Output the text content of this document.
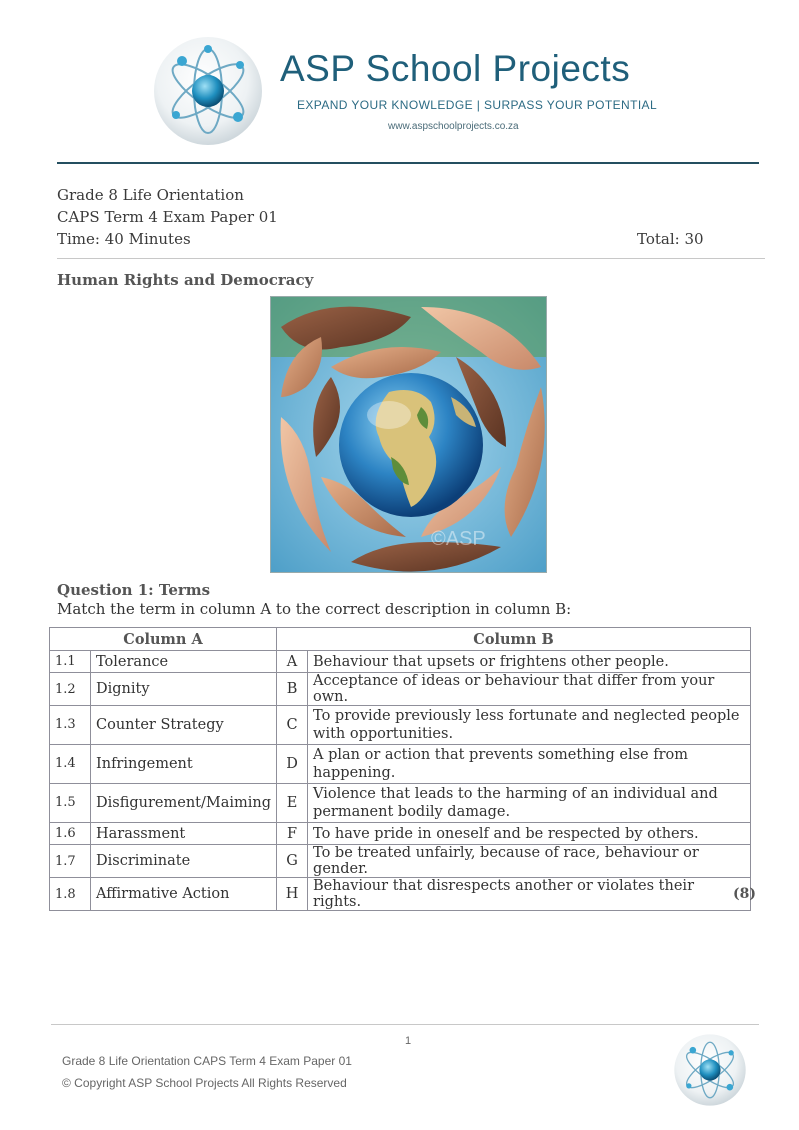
ASP School Projects
EXPAND YOUR KNOWLEDGE | SURPASS YOUR POTENTIAL
www.aspschoolprojects.co.za
Grade 8 Life Orientation
CAPS Term 4 Exam Paper 01
Time: 40 Minutes	Total: 30
Human Rights and Democracy
©ASP
Question 1: Terms
Match the term in column A to the correct description in column B:
Column A		Column B	
1.1	Tolerance	A	Behaviour that upsets or frightens other people.
1.2	Dignity	B	Acceptance of ideas or behaviour that differ from your own.
1.3	Counter Strategy	C	To provide previously less fortunate and neglected people with opportunities.
1.4	Infringement	D	A plan or action that prevents something else from happening.
1.5	Disfigurement/Maiming	E	Violence that leads to the harming of an individual and permanent bodily damage.
1.6	Harassment	F	To have pride in oneself and be respected by others.
1.7	Discriminate	G	To be treated unfairly, because of race, behaviour or gender.
1.8	Affirmative Action	H	Behaviour that disrespects another or violates their rights.	(8)
1
Grade 8 Life Orientation CAPS Term 4 Exam Paper 01
© Copyright ASP School Projects All Rights Reserved
